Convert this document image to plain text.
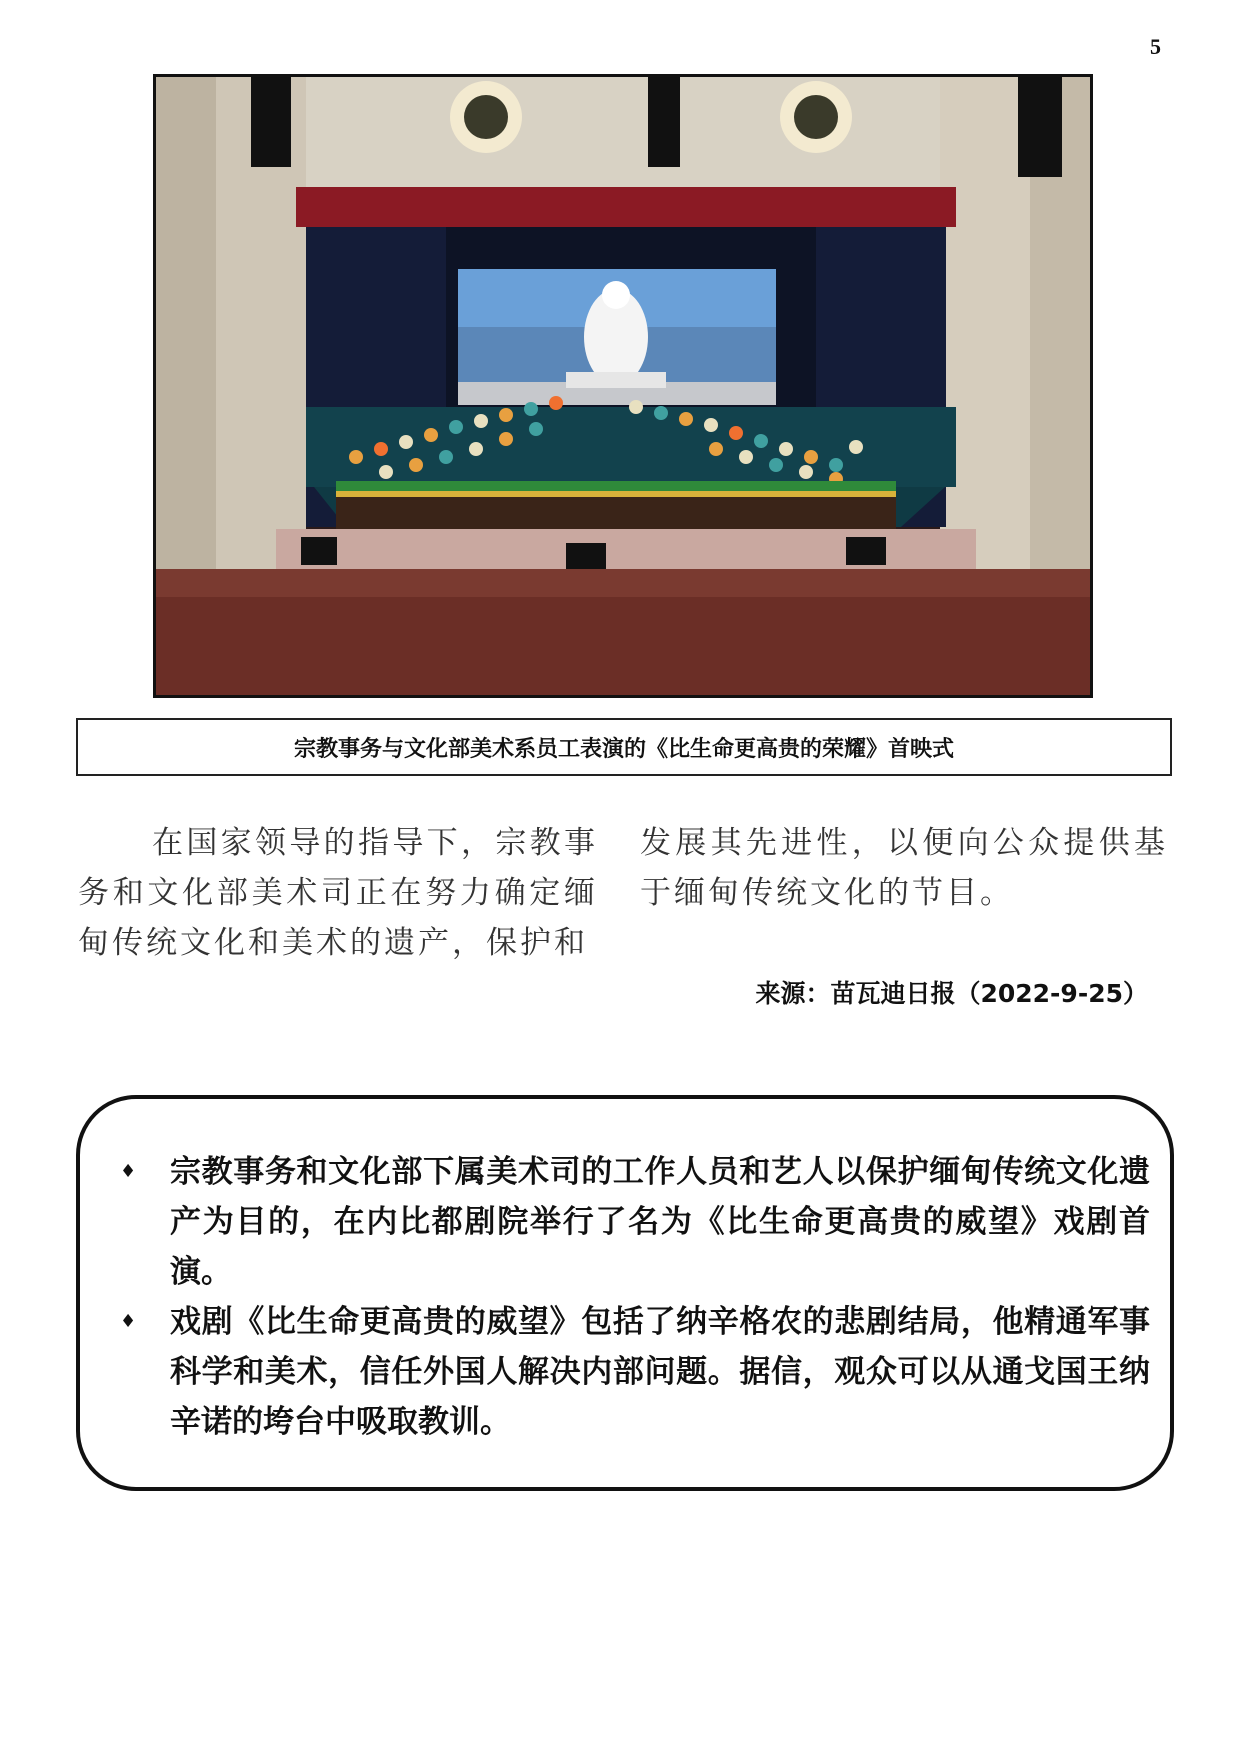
5
宗教事务与文化部美术系员工表演的《比生命更高贵的荣耀》首映式

在国家领导的指导下，宗教事务和文化部美术司正在努力确定缅甸传统文化和美术的遗产，保护和

发展其先进性，以便向公众提供基于缅甸传统文化的节目。

来源：苗瓦迪日报（2022-9-25）
♦ 宗教事务和文化部下属美术司的工作人员和艺人以保护缅甸传统文化遗产为目的，在内比都剧院举行了名为《比生命更高贵的威望》戏剧首演。
♦ 戏剧《比生命更高贵的威望》包括了纳辛格农的悲剧结局，他精通军事科学和美术，信任外国人解决内部问题。据信，观众可以从通戈国王纳辛诺的垮台中吸取教训。
